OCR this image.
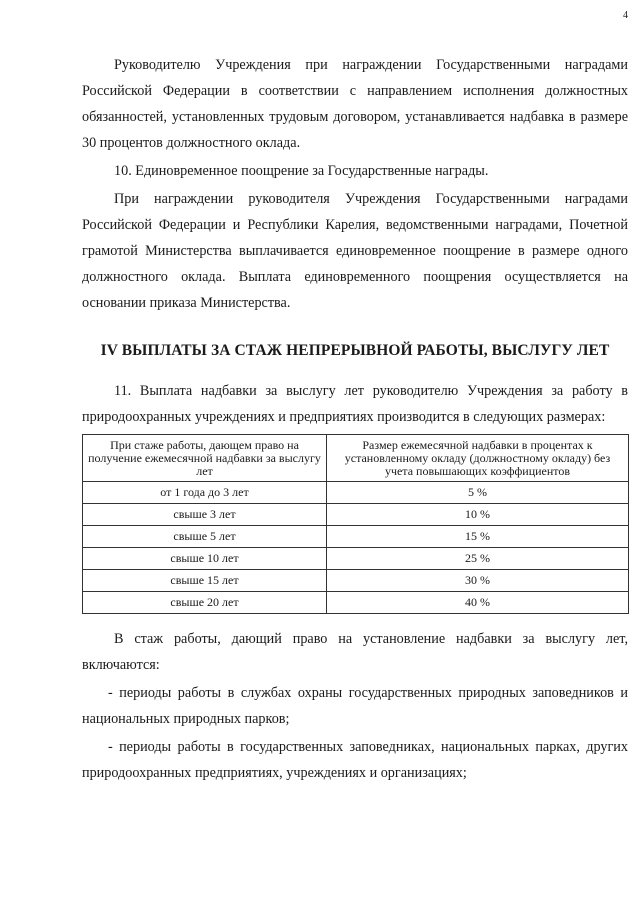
4

Руководителю Учреждения при награждении Государственными наградами Российской Федерации в соответствии с направлением исполнения должностных обязанностей, установленных трудовым договором, устанавливается надбавка в размере 30 процентов должностного оклада.

10. Единовременное поощрение за Государственные награды.

При награждении руководителя Учреждения Государственными наградами Российской Федерации и Республики Карелия, ведомственными наградами, Почетной грамотой Министерства выплачивается единовременное поощрение в размере одного должностного оклада. Выплата единовременного поощрения осуществляется на основании приказа Министерства.

IV ВЫПЛАТЫ ЗА СТАЖ НЕПРЕРЫВНОЙ РАБОТЫ, ВЫСЛУГУ ЛЕТ

11. Выплата надбавки за выслугу лет руководителю Учреждения за работу в природоохранных учреждениях и предприятиях производится в следующих размерах:

При стаже работы, дающем право на получение ежемесячной надбавки за выслугу лет	Размер ежемесячной надбавки в процентах к установленному окладу (должностному окладу) без учета повышающих коэффициентов
от 1 года до 3 лет	5 %
свыше 3 лет	10 %
свыше 5 лет	15 %
свыше 10 лет	25 %
свыше 15 лет	30 %
свыше 20 лет	40 %

В стаж работы, дающий право на установление надбавки за выслугу лет, включаются:

- периоды работы в службах охраны государственных природных заповедников и национальных природных парков;

- периоды работы в государственных заповедниках, национальных парках, других природоохранных предприятиях, учреждениях и организациях;
